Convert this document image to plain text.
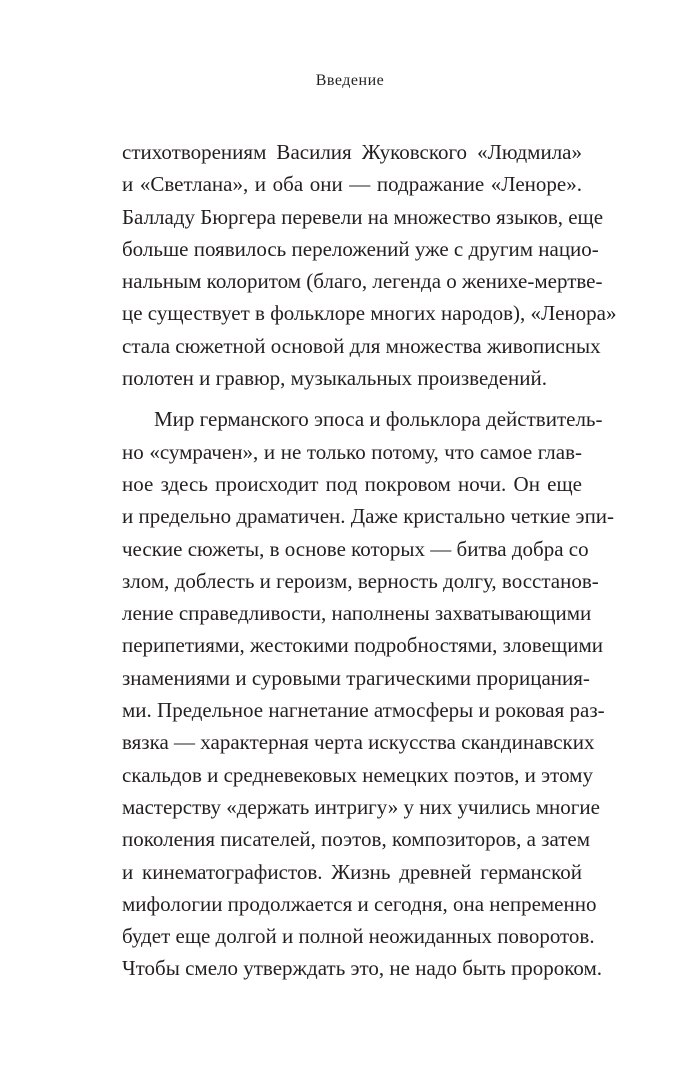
Введение
стихотворениям Василия Жуковского «Людмила»
и «Светлана», и оба они — подражание «Леноре».
Балладу Бюргера перевели на множество языков, еще
больше появилось переложений уже с другим нацио-
нальным колоритом (благо, легенда о женихе-мертве-
це существует в фольклоре многих народов), «Ленора»
стала сюжетной основой для множества живописных
полотен и гравюр, музыкальных произведений.
Мир германского эпоса и фольклора действитель-
но «сумрачен», и не только потому, что самое глав-
ное здесь происходит под покровом ночи. Он еще
и предельно драматичен. Даже кристально четкие эпи-
ческие сюжеты, в основе которых — битва добра со
злом, доблесть и героизм, верность долгу, восстанов-
ление справедливости, наполнены захватывающими
перипетиями, жестокими подробностями, зловещими
знамениями и суровыми трагическими прорицания-
ми. Предельное нагнетание атмосферы и роковая раз-
вязка — характерная черта искусства скандинавских
скальдов и средневековых немецких поэтов, и этому
мастерству «держать интригу» у них учились многие
поколения писателей, поэтов, композиторов, а затем
и кинематографистов. Жизнь древней германской
мифологии продолжается и сегодня, она непременно
будет еще долгой и полной неожиданных поворотов.
Чтобы смело утверждать это, не надо быть пророком.
